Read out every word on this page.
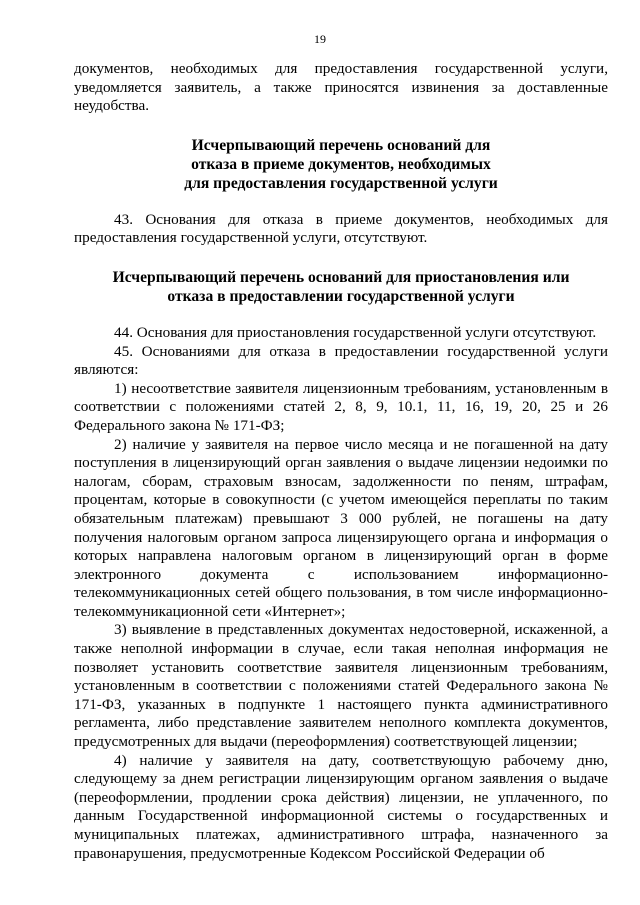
19

документов, необходимых для предоставления государственной услуги, уведомляется заявитель, а также приносятся извинения за доставленные неудобства.

Исчерпывающий перечень оснований для

отказа в приеме документов, необходимых

для предоставления государственной услуги

43. Основания для отказа в приеме документов, необходимых для предоставления государственной услуги, отсутствуют.

Исчерпывающий перечень оснований для приостановления или

отказа в предоставлении государственной услуги

44. Основания для приостановления государственной услуги отсутствуют.

45. Основаниями для отказа в предоставлении государственной услуги являются:

1) несоответствие заявителя лицензионным требованиям, установленным в соответствии с положениями статей 2, 8, 9, 10.1, 11, 16, 19, 20, 25 и 26 Федерального закона № 171-ФЗ;

2) наличие у заявителя на первое число месяца и не погашенной на дату поступления в лицензирующий орган заявления о выдаче лицензии недоимки по налогам, сборам, страховым взносам, задолженности по пеням, штрафам, процентам, которые в совокупности (с учетом имеющейся переплаты по таким обязательным платежам) превышают 3 000 рублей, не погашены на дату получения налоговым органом запроса лицензирующего органа и информация о которых направлена налоговым органом в лицензирующий орган в форме электронного документа с использованием информационно-телекоммуникационных сетей общего пользования, в том числе информационно-телекоммуникационной сети «Интернет»;

3) выявление в представленных документах недостоверной, искаженной, а также неполной информации в случае, если такая неполная информация не позволяет установить соответствие заявителя лицензионным требованиям, установленным в соответствии с положениями статей Федерального закона № 171-ФЗ, указанных в подпункте 1 настоящего пункта административного регламента, либо представление заявителем неполного комплекта документов, предусмотренных для выдачи (переоформления) соответствующей лицензии;

4) наличие у заявителя на дату, соответствующую рабочему дню, следующему за днем регистрации лицензирующим органом заявления о выдаче (переоформлении, продлении срока действия) лицензии, не уплаченного, по данным Государственной информационной системы о государственных и муниципальных платежах, административного штрафа, назначенного за правонарушения, предусмотренные Кодексом Российской Федерации об
